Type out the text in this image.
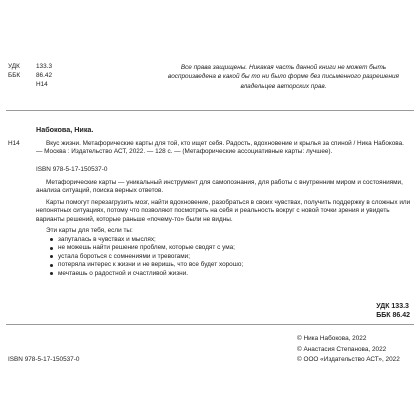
УДК	133.3
ББК	86.42
Н14
Все права защищены. Никакая часть данной книги не может быть воспроизведена в какой бы то ни было форме без письменного разрешения владельцев авторских прав.
Набокова, Ника.
Н14	Вкус жизни. Метафорические карты для той, кто ищет себя. Радость, вдохновение и крылья за спиной / Ника Набокова. — Москва : Издательство АСТ, 2022. — 128 с. — (Метафорические ассоциативные карты: лучшее).
ISBN 978-5-17-150537-0

Метафорические карты — уникальный инструмент для самопознания, для работы с внутренним миром и состояниями, анализа ситуаций, поиска верных ответов.

Карты помогут перезагрузить мозг, найти вдохновение, разобраться в своих чувствах, получить поддержку в сложных или непонятных ситуациях, потому что позволяют посмотреть на себя и реальность вокруг с новой точки зрения и увидеть варианты решений, которые раньше «почему-то» были не видны.

Эти карты для тебя, если ты:
запуталась в чувствах и мыслях;
не можешь найти решение проблем, которые сводят с ума;
устала бороться с сомнениями и тревогами;
потеряла интерес к жизни и не веришь, что все будет хорошо;
мечтаешь о радостной и счастливой жизни.
УДК 133.3
ББК 86.42
© Ника Набокова, 2022
© Анастасия Степанова, 2022
© ООО «Издательство АСТ», 2022
ISBN 978-5-17-150537-0
